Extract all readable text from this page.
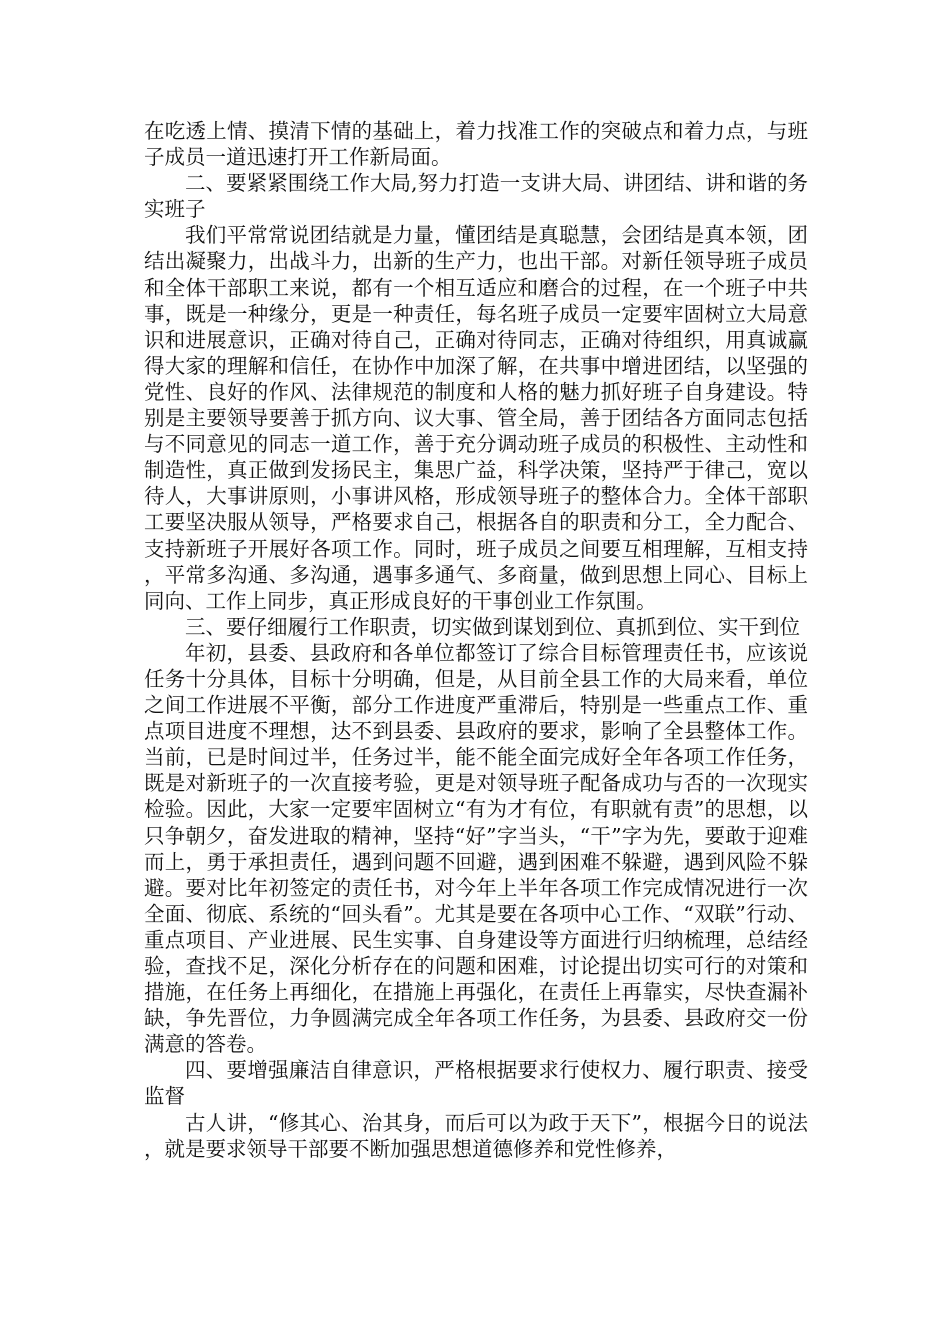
在吃透上情、摸清下情的基础上，着力找准工作的突破点和着力点，与班子成员一道迅速打开工作新局面。

二、要紧紧围绕工作大局,努力打造一支讲大局、讲团结、讲和谐的务实班子

我们平常常说团结就是力量，懂团结是真聪慧，会团结是真本领，团结出凝聚力，出战斗力，出新的生产力，也出干部。对新任领导班子成员和全体干部职工来说，都有一个相互适应和磨合的过程，在一个班子中共事，既是一种缘分，更是一种责任，每名班子成员一定要牢固树立大局意识和进展意识，正确对待自己，正确对待同志，正确对待组织，用真诚赢得大家的理解和信任，在协作中加深了解，在共事中增进团结，以坚强的党性、良好的作风、法律规范的制度和人格的魅力抓好班子自身建设。特别是主要领导要善于抓方向、议大事、管全局，善于团结各方面同志包括与不同意见的同志一道工作，善于充分调动班子成员的积极性、主动性和制造性，真正做到发扬民主，集思广益，科学决策，坚持严于律己，宽以待人，大事讲原则，小事讲风格，形成领导班子的整体合力。全体干部职工要坚决服从领导，严格要求自己，根据各自的职责和分工，全力配合、支持新班子开展好各项工作。同时，班子成员之间要互相理解，互相支持，平常多沟通、多沟通，遇事多通气、多商量，做到思想上同心、目标上同向、工作上同步，真正形成良好的干事创业工作氛围。

三、要仔细履行工作职责，切实做到谋划到位、真抓到位、实干到位

年初，县委、县政府和各单位都签订了综合目标管理责任书，应该说任务十分具体，目标十分明确，但是，从目前全县工作的大局来看，单位之间工作进展不平衡，部分工作进度严重滞后，特别是一些重点工作、重点项目进度不理想，达不到县委、县政府的要求，影响了全县整体工作。当前，已是时间过半，任务过半，能不能全面完成好全年各项工作任务，既是对新班子的一次直接考验，更是对领导班子配备成功与否的一次现实检验。因此，大家一定要牢固树立“有为才有位，有职就有责”的思想，以只争朝夕，奋发进取的精神，坚持“好”字当头，“干”字为先，要敢于迎难而上，勇于承担责任，遇到问题不回避，遇到困难不躲避，遇到风险不躲避。要对比年初签定的责任书，对今年上半年各项工作完成情况进行一次全面、彻底、系统的“回头看”。尤其是要在各项中心工作、“双联”行动、重点项目、产业进展、民生实事、自身建设等方面进行归纳梳理，总结经验，查找不足，深化分析存在的问题和困难，讨论提出切实可行的对策和措施，在任务上再细化，在措施上再强化，在责任上再靠实，尽快查漏补缺，争先晋位，力争圆满完成全年各项工作任务，为县委、县政府交一份满意的答卷。

四、要增强廉洁自律意识，严格根据要求行使权力、履行职责、接受监督

古人讲，“修其心、治其身，而后可以为政于天下”，根据今日的说法，就是要求领导干部要不断加强思想道德修养和党性修养，
